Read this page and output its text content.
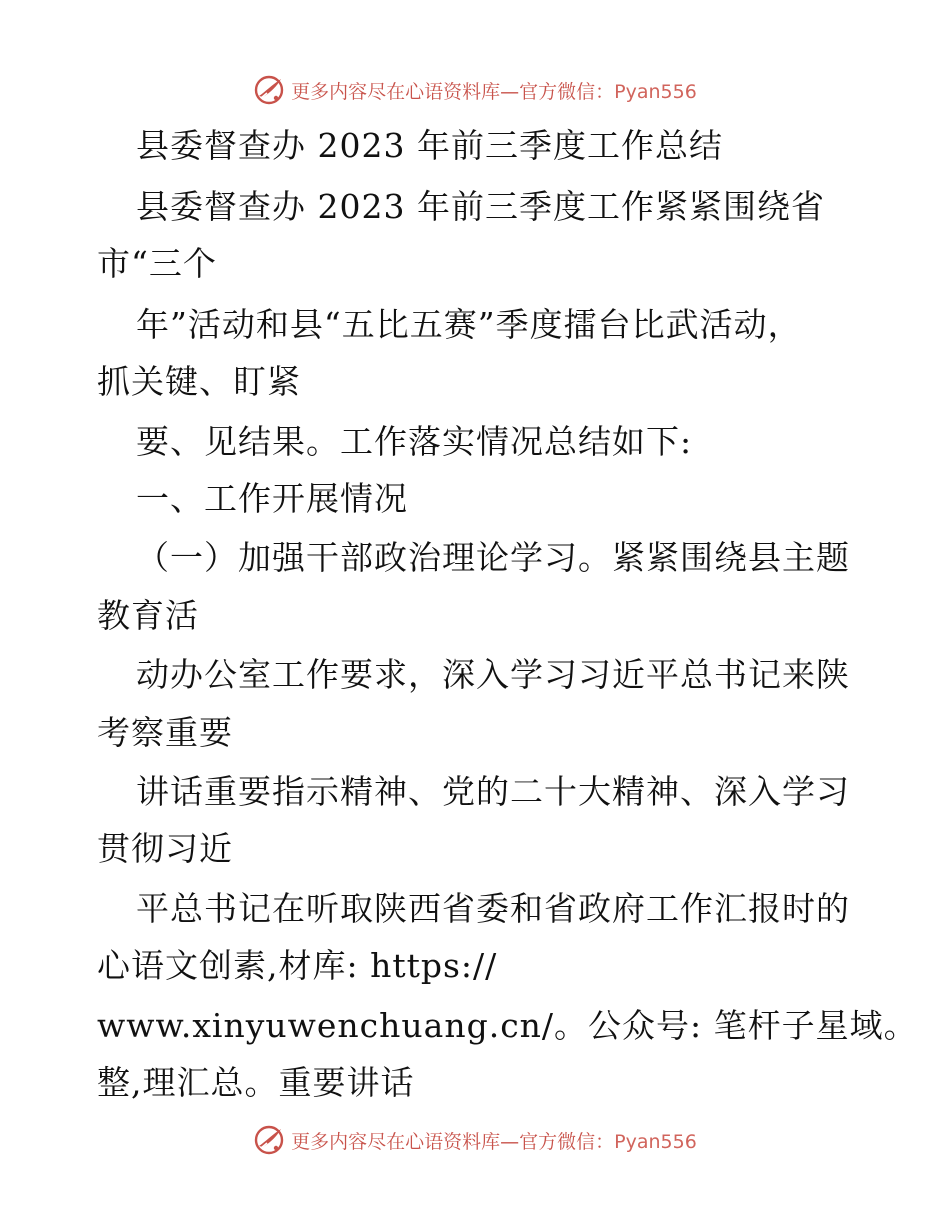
更多内容尽在心语资料库—官方微信：Pyan556
县委督查办 2023 年前三季度工作总结
县委督查办 2023 年前三季度工作紧紧围绕省
市“三个
年”活动和县“五比五赛”季度擂台比武活动，
抓关键、盯紧
要、见结果。工作落实情况总结如下:
一、工作开展情况
（一）加强干部政治理论学习。紧紧围绕县主题
教育活
动办公室工作要求，深入学习习近平总书记来陕
考察重要
讲话重要指示精神、党的二十大精神、深入学习
贯彻习近
平总书记在听取陕西省委和省政府工作汇报时的
心语文创素,材库: https://
www.xinyuwenchuang.cn/。公众号: 笔杆子星域。
整,理汇总。重要讲话
更多内容尽在心语资料库—官方微信：Pyan556
